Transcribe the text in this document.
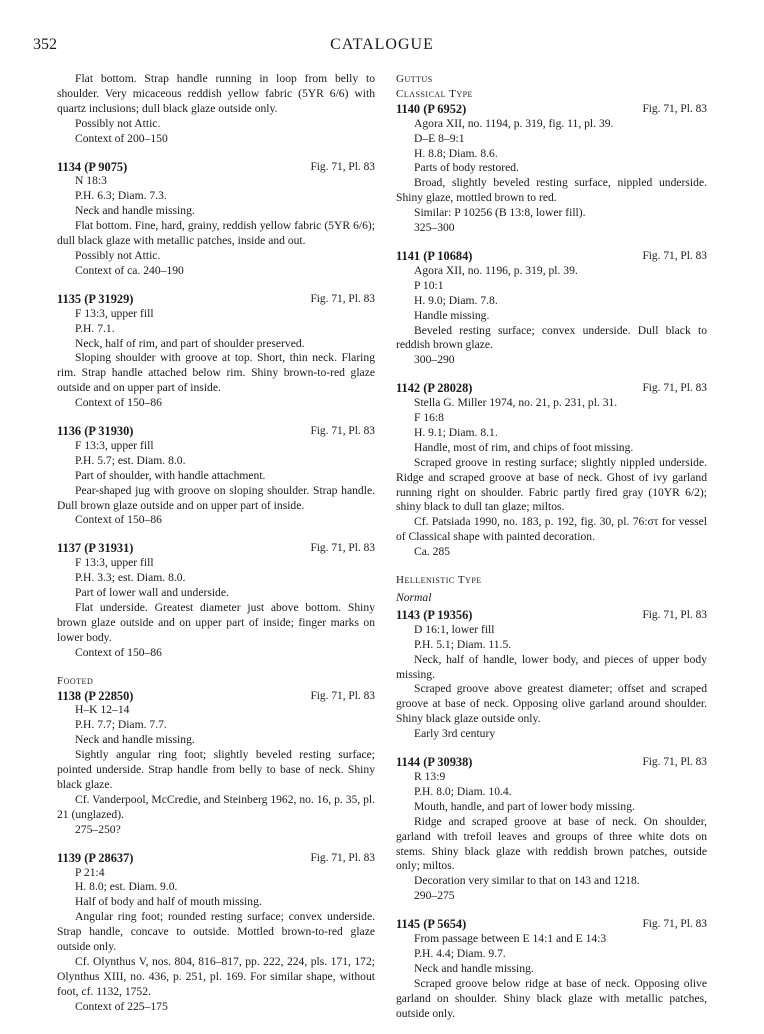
352	CATALOGUE
Flat bottom. Strap handle running in loop from belly to shoulder. Very micaceous reddish yellow fabric (5YR 6/6) with quartz inclusions; dull black glaze outside only.
Possibly not Attic.
Context of 200–150
1134 (P 9075)	Fig. 71, Pl. 83
N 18:3
P.H. 6.3; Diam. 7.3.
Neck and handle missing.
Flat bottom. Fine, hard, grainy, reddish yellow fabric (5YR 6/6); dull black glaze with metallic patches, inside and out.
Possibly not Attic.
Context of ca. 240–190
1135 (P 31929)	Fig. 71, Pl. 83
F 13:3, upper fill
P.H. 7.1.
Neck, half of rim, and part of shoulder preserved.
Sloping shoulder with groove at top. Short, thin neck. Flaring rim. Strap handle attached below rim. Shiny brown-to-red glaze outside and on upper part of inside.
Context of 150–86
1136 (P 31930)	Fig. 71, Pl. 83
F 13:3, upper fill
P.H. 5.7; est. Diam. 8.0.
Part of shoulder, with handle attachment.
Pear-shaped jug with groove on sloping shoulder. Strap handle. Dull brown glaze outside and on upper part of inside.
Context of 150–86
1137 (P 31931)	Fig. 71, Pl. 83
F 13:3, upper fill
P.H. 3.3; est. Diam. 8.0.
Part of lower wall and underside.
Flat underside. Greatest diameter just above bottom. Shiny brown glaze outside and on upper part of inside; finger marks on lower body.
Context of 150–86
Footed
1138 (P 22850)	Fig. 71, Pl. 83
H–K 12–14
P.H. 7.7; Diam. 7.7.
Neck and handle missing.
Sightly angular ring foot; slightly beveled resting surface; pointed underside. Strap handle from belly to base of neck. Shiny black glaze.
Cf. Vanderpool, McCredie, and Steinberg 1962, no. 16, p. 35, pl. 21 (unglazed).
275–250?
1139 (P 28637)	Fig. 71, Pl. 83
P 21:4
H. 8.0; est. Diam. 9.0.
Half of body and half of mouth missing.
Angular ring foot; rounded resting surface; convex underside. Strap handle, concave to outside. Mottled brown-to-red glaze outside only.
Cf. Olynthus V, nos. 804, 816–817, pp. 222, 224, pls. 171, 172; Olynthus XIII, no. 436, p. 251, pl. 169. For similar shape, without foot, cf. 1132, 1752.
Context of 225–175
Guttus
Classical Type
1140 (P 6952)	Fig. 71, Pl. 83
Agora XII, no. 1194, p. 319, fig. 11, pl. 39.
D–E 8–9:1
H. 8.8; Diam. 8.6.
Parts of body restored.
Broad, slightly beveled resting surface, nippled underside. Shiny glaze, mottled brown to red.
Similar: P 10256 (B 13:8, lower fill).
325–300
1141 (P 10684)	Fig. 71, Pl. 83
Agora XII, no. 1196, p. 319, pl. 39.
P 10:1
H. 9.0; Diam. 7.8.
Handle missing.
Beveled resting surface; convex underside. Dull black to reddish brown glaze.
300–290
1142 (P 28028)	Fig. 71, Pl. 83
Stella G. Miller 1974, no. 21, p. 231, pl. 31.
F 16:8
H. 9.1; Diam. 8.1.
Handle, most of rim, and chips of foot missing.
Scraped groove in resting surface; slightly nippled underside. Ridge and scraped groove at base of neck. Ghost of ivy garland running right on shoulder. Fabric partly fired gray (10YR 6/2); shiny black to dull tan glaze; miltos.
Cf. Patsiada 1990, no. 183, p. 192, fig. 30, pl. 76:στ for vessel of Classical shape with painted decoration.
Ca. 285
Hellenistic Type
Normal
1143 (P 19356)	Fig. 71, Pl. 83
D 16:1, lower fill
P.H. 5.1; Diam. 11.5.
Neck, half of handle, lower body, and pieces of upper body missing.
Scraped groove above greatest diameter; offset and scraped groove at base of neck. Opposing olive garland around shoulder. Shiny black glaze outside only.
Early 3rd century
1144 (P 30938)	Fig. 71, Pl. 83
R 13:9
P.H. 8.0; Diam. 10.4.
Mouth, handle, and part of lower body missing.
Ridge and scraped groove at base of neck. On shoulder, garland with trefoil leaves and groups of three white dots on stems. Shiny black glaze with reddish brown patches, outside only; miltos.
Decoration very similar to that on 143 and 1218.
290–275
1145 (P 5654)	Fig. 71, Pl. 83
From passage between E 14:1 and E 14:3
P.H. 4.4; Diam. 9.7.
Neck and handle missing.
Scraped groove below ridge at base of neck. Opposing olive garland on shoulder. Shiny black glaze with metallic patches, outside only.
